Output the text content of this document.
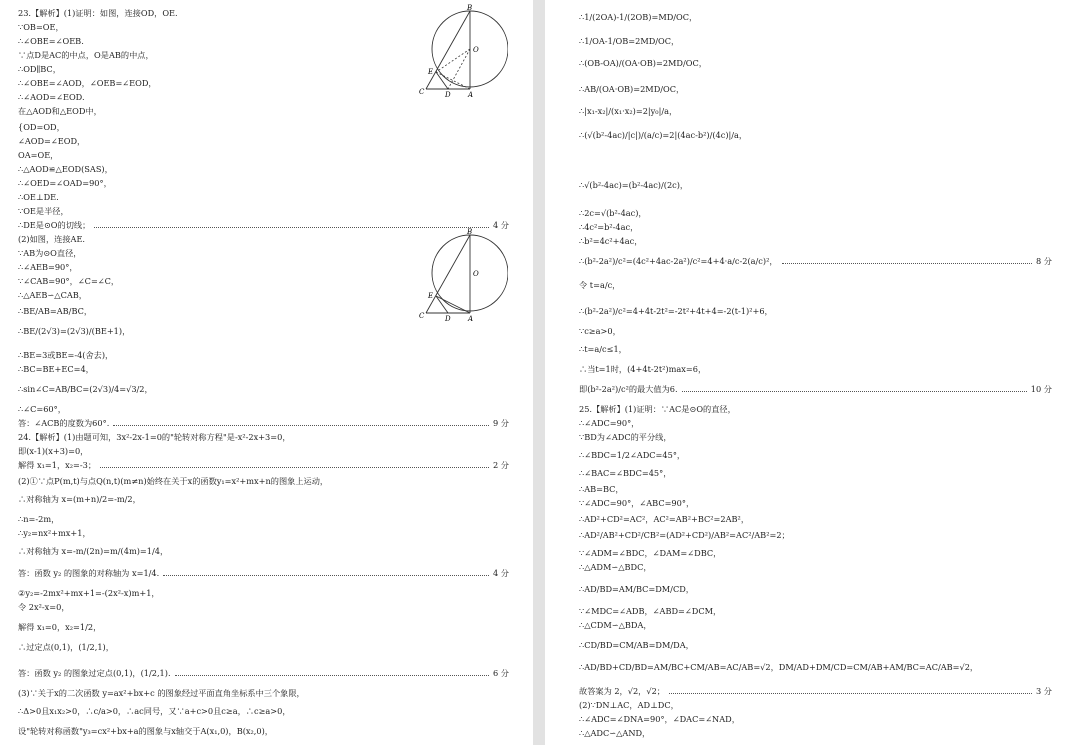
23.【解析】(1)证明：如图，连接OD，OE.
∵OB=OE，
∴∠OBE=∠OEB.
∵点D是AC的中点，O是AB的中点，
∴OD∥BC，
∴∠OBE=∠AOD，∠OEB=∠EOD，
∴∠AOD=∠EOD.
在△AOD和△EOD中，
{OD=OD，
∠AOD=∠EOD，
OA=OE，
∴△AOD≌△EOD(SAS)，
∴∠OED=∠OAD=90°，
∴OE⊥DE.
∵OE是半径，
∴DE是⊙O的切线；	4 分
(2)如图，连接AE.
∵AB为⊙O直径，
∴∠AEB=90°，
∵∠CAB=90°，∠C=∠C，
∴△AEB∽△CAB，
∴BE/AB=AB/BC，
∴BE/(2√3)=(2√3)/(BE+1)，
∴BE=3或BE=-4(舍去)，
∴BC=BE+EC=4，
∴sin∠C=AB/BC=(2√3)/4=√3/2，
∴∠C=60°，
答：∠ACB的度数为60°.	9 分
24.【解析】(1)由题可知，3x²-2x-1=0的"轮转对称方程"是-x²-2x+3=0，
即(x-1)(x+3)=0，
解得 x₁=1，x₂=-3；	2 分
(2)①∵点P(m,t)与点Q(n,t)(m≠n)始终在关于x的函数y₁=x²+mx+n的图象上运动，
∴对称轴为 x=(m+n)/2=-m/2，
∴n=-2m，
∴y₂=nx²+mx+1，
∴对称轴为 x=-m/(2n)=m/(4m)=1/4，
答：函数 y₂ 的图象的对称轴为 x=1/4.	4 分
②y₂=-2mx²+mx+1=-(2x²-x)m+1，
令 2x²-x=0，
解得 x₁=0，x₂=1/2，
∴过定点(0,1)，(1/2,1)，
答：函数 y₂ 的图象过定点(0,1)，(1/2,1).	6 分
(3)∵关于x的二次函数 y=ax²+bx+c 的图象经过平面直角坐标系中三个象限，
∴Δ>0且x₁x₂>0，∴c/a>0，∴ac同号，又∵a+c>0且c≥a，∴c≥a>0，
设"轮转对称函数"y₃=cx²+bx+a的图象与x轴交于A(x₁,0)，B(x₂,0)，
B
O
E
C	D A
B
O
E
C	D A
∴1/(2OA)-1/(2OB)=MD/OC，
∴1/OA-1/OB=2MD/OC，
∴(OB-OA)/(OA·OB)=2MD/OC，
∴AB/(OA·OB)=2MD/OC，
∴|x₁-x₂|/(x₁·x₂)=2|y₀|/a，
∴(√(b²-4ac)/|c|)/(a/c)=2|(4ac-b²)/(4c)|/a，
∴√(b²-4ac)=(b²-4ac)/(2c)，
∴2c=√(b²-4ac)，
∴4c²=b²-4ac，
∴b²=4c²+4ac，
∴(b²-2a²)/c²=(4c²+4ac-2a²)/c²=4+4·a/c-2(a/c)²，	8 分
令 t=a/c，
∴(b²-2a²)/c²=4+4t-2t²=-2t²+4t+4=-2(t-1)²+6，
∵c≥a>0，
∴t=a/c≤1，
∴当t=1时，(4+4t-2t²)max=6，
即(b²-2a²)/c²的最大值为6.	10 分
25.【解析】(1)证明：∵AC是⊙O的直径，
∴∠ADC=90°，
∵BD为∠ADC的平分线，
∴∠BDC=1/2∠ADC=45°，
∴∠BAC=∠BDC=45°，
∴AB=BC，
∵∠ADC=90°，∠ABC=90°，
∴AD²+CD²=AC²，AC²=AB²+BC²=2AB²，
∴AD²/AB²+CD²/CB²=(AD²+CD²)/AB²=AC²/AB²=2；
∵∠ADM=∠BDC，∠DAM=∠DBC，
∴△ADM∽△BDC，
∴AD/BD=AM/BC=DM/CD，
∵∠MDC=∠ADB，∠ABD=∠DCM，
∴△CDM∽△BDA，
∴CD/BD=CM/AB=DM/DA，
∴AD/BD+CD/BD=AM/BC+CM/AB=AC/AB=√2，DM/AD+DM/CD=CM/AB+AM/BC=AC/AB=√2，
故答案为 2，√2，√2；	3 分
(2)∵DN⊥AC，AD⊥DC，
∴∠ADC=∠DNA=90°，∠DAC=∠NAD，
∴△ADC∽△AND，
